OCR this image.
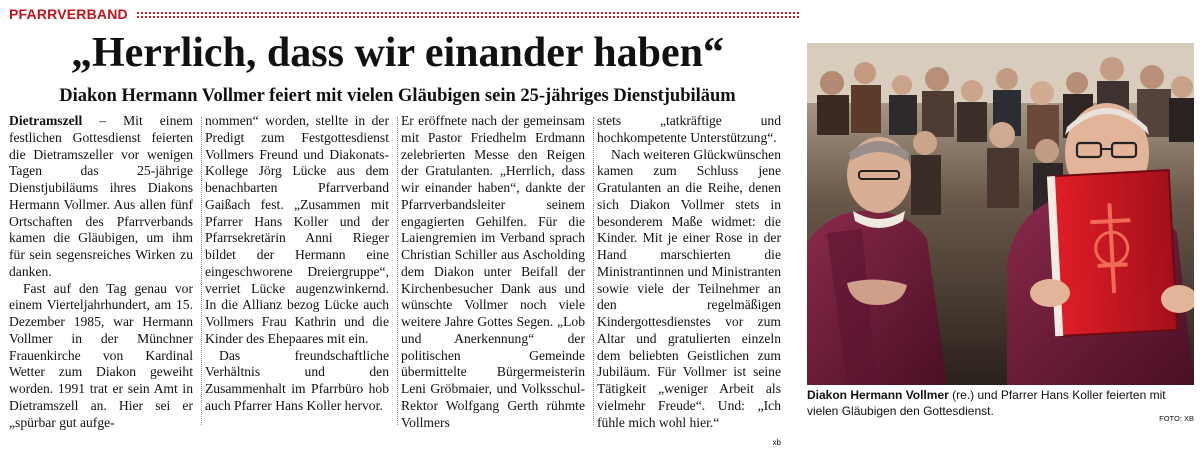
PFARRVERBAND
„Herrlich, dass wir einander haben“
Diakon Hermann Vollmer feiert mit vielen Gläubigen sein 25-jähriges Dienstjubiläum

Dietramszell – Mit einem festlichen Gottesdienst feierten die Dietramszeller vor wenigen Tagen das 25-jährige Dienstjubiläums ihres Diakons Hermann Vollmer. Aus allen fünf Ortschaften des Pfarrverbands kamen die Gläubigen, um ihm für sein segensreiches Wirken zu danken.

Fast auf den Tag genau vor einem Vierteljahrhundert, am 15. Dezember 1985, war Hermann Vollmer in der Münchner Frauenkirche von Kardinal Wetter zum Diakon geweiht worden. 1991 trat er sein Amt in Dietramszell an. Hier sei er „spürbar gut aufge-

nommen“ worden, stellte in der Predigt zum Festgottesdienst Vollmers Freund und Diakonats-Kollege Jörg Lücke aus dem benachbarten Pfarrverband Gaißach fest. „Zusammen mit Pfarrer Hans Koller und der Pfarrsekretärin Anni Rieger bildet der Hermann eine eingeschworene Dreiergruppe“, verriet Lücke augenzwinkernd. In die Allianz bezog Lücke auch Vollmers Frau Kathrin und die Kinder des Ehepaares mit ein.

Das freundschaftliche Verhältnis und den Zusammenhalt im Pfarrbüro hob auch Pfarrer Hans Koller hervor.

Er eröffnete nach der gemeinsam mit Pastor Friedhelm Erdmann zelebrierten Messe den Reigen der Gratulanten. „Herrlich, dass wir einander haben“, dankte der Pfarrverbandsleiter seinem engagierten Gehilfen. Für die Laiengremien im Verband sprach Christian Schiller aus Ascholding dem Diakon unter Beifall der Kirchenbesucher Dank aus und wünschte Vollmer noch viele weitere Jahre Gottes Segen. „Lob und Anerkennung“ der politischen Gemeinde übermittelte Bürgermeisterin Leni Gröbmaier, und Volksschul-Rektor Wolfgang Gerth rühmte Vollmers

stets „tatkräftige und hochkompetente Unterstützung“.

Nach weiteren Glückwünschen kamen zum Schluss jene Gratulanten an die Reihe, denen sich Diakon Vollmer stets in besonderem Maße widmet: die Kinder. Mit je einer Rose in der Hand marschierten die Ministrantinnen und Ministranten sowie viele der Teilnehmer an den regelmäßigen Kindergottesdienstes vor zum Altar und gratulierten einzeln dem beliebten Geistlichen zum Jubiläum. Für Vollmer ist seine Tätigkeit „weniger Arbeit als vielmehr Freude“. Und: „Ich fühle mich wohl hier.“

xb
Diakon Hermann Vollmer (re.) und Pfarrer Hans Koller feierten mit vielen Gläubigen den Gottesdienst.
FOTO: XB
